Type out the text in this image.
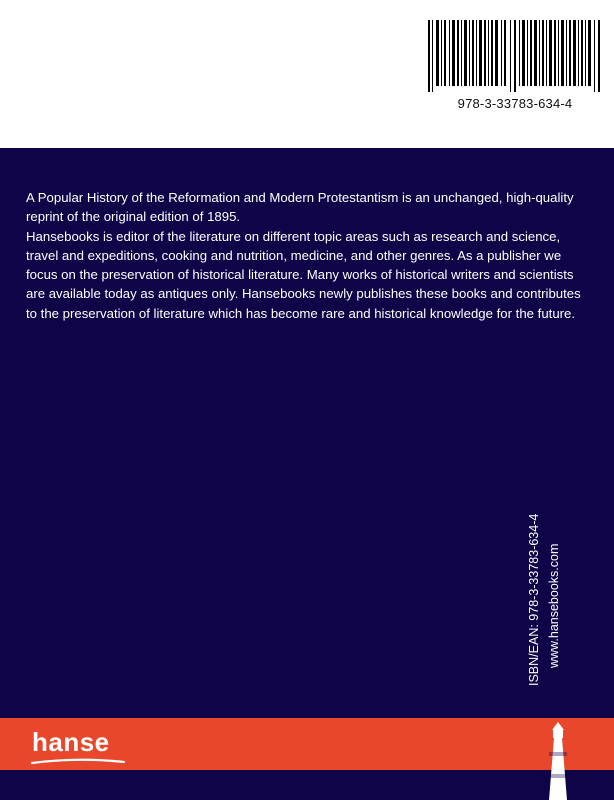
978-3-33783-634-4

A Popular History of the Reformation and Modern Protestantism is an unchanged, high-quality reprint of the original edition of 1895.

Hansebooks is editor of the literature on different topic areas such as research and science, travel and expeditions, cooking and nutrition, medicine, and other genres. As a publisher we focus on the preservation of historical literature. Many works of historical writers and scientists are available today as antiques only. Hansebooks newly publishes these books and contributes to the preservation of literature which has become rare and historical knowledge for the future.

ISBN/EAN: 978-3-33783-634-4 www.hansebooks.com
hanse
